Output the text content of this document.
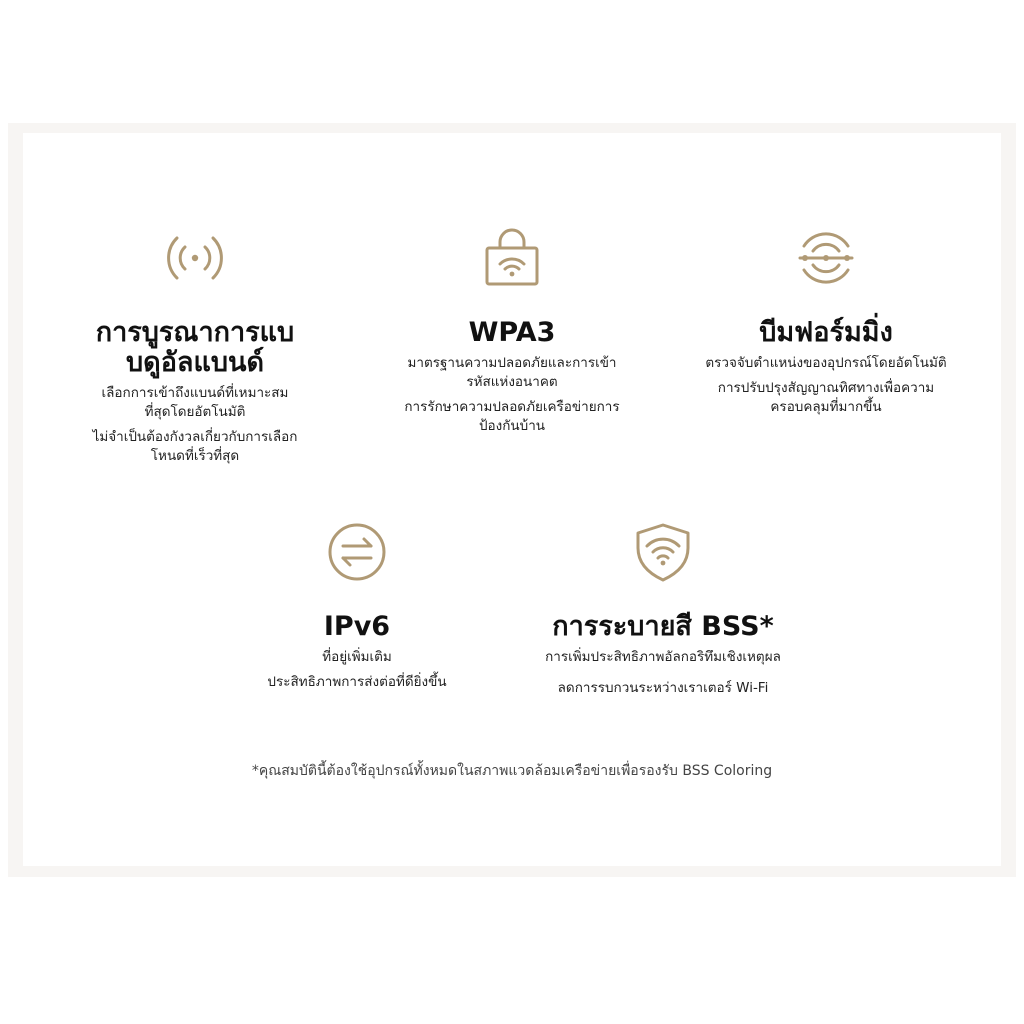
การบูรณาการแบ

บดูอัลแบนด์

เลือกการเข้าถึงแบนด์ที่เหมาะสม

ที่สุดโดยอัตโนมัติ

ไม่จำเป็นต้องกังวลเกี่ยวกับการเลือก

โหนดที่เร็วที่สุด

WPA3

มาตรฐานความปลอดภัยและการเข้า

รหัสแห่งอนาคต

การรักษาความปลอดภัยเครือข่ายการ

ป้องกันบ้าน

บีมฟอร์มมิ่ง

ตรวจจับตำแหน่งของอุปกรณ์โดยอัตโนมัติ

การปรับปรุงสัญญาณทิศทางเพื่อความ

ครอบคลุมที่มากขึ้น

IPv6

ที่อยู่เพิ่มเติม

ประสิทธิภาพการส่งต่อที่ดียิ่งขึ้น

การระบายสี BSS*

การเพิ่มประสิทธิภาพอัลกอริทึมเชิงเหตุผล

ลดการรบกวนระหว่างเราเตอร์ Wi-Fi

*คุณสมบัตินี้ต้องใช้อุปกรณ์ทั้งหมดในสภาพแวดล้อมเครือข่ายเพื่อรองรับ BSS Coloring
